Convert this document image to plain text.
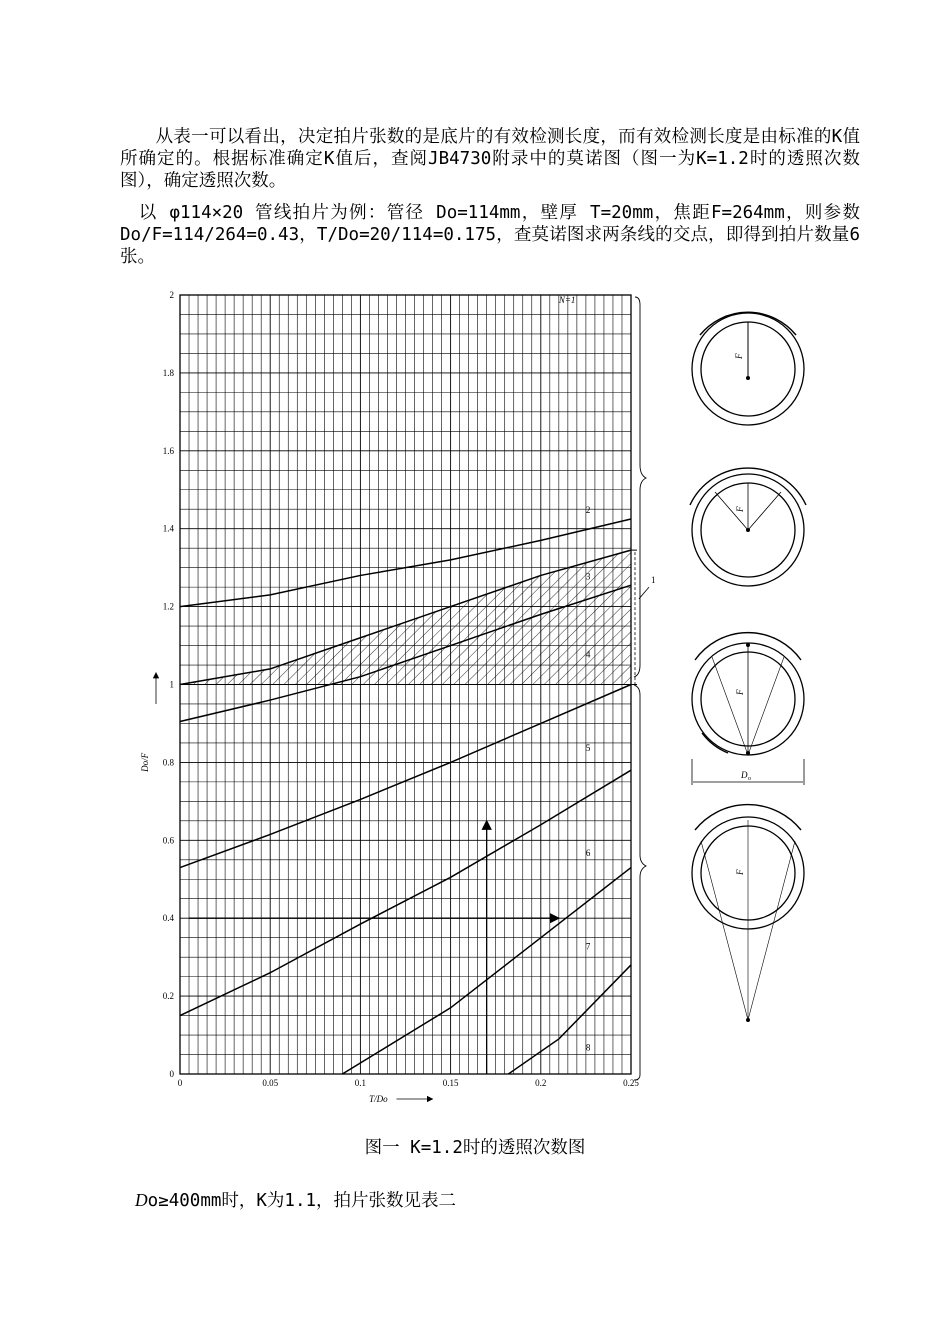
　　从表一可以看出，决定拍片张数的是底片的有效检测长度，而有效检测长度是由标准的K值所确定的。根据标准确定K值后，查阅JB4730附录中的莫诺图（图一为K=1.2时的透照次数图），确定透照次数。
　以 φ114×20 管线拍片为例：管径 Do=114mm，壁厚 T=20mm，焦距F=264mm，则参数Do/F=114/264=0.43，T/Do=20/114=0.175，查莫诺图求两条线的交点，即得到拍片数量6张。
0
0.2
0.4
0.6
0.8
1
1.2
1.4
1.6
1.8
2
0	0.05	0.1	0.15	0.2	0.25
T/Do
Do/F
N=1
2
3
4
5
6
7
8
1
F
F
F
D o
F
图一 K=1.2时的透照次数图
Do≥400mm时，K为1.1，拍片张数见表二
